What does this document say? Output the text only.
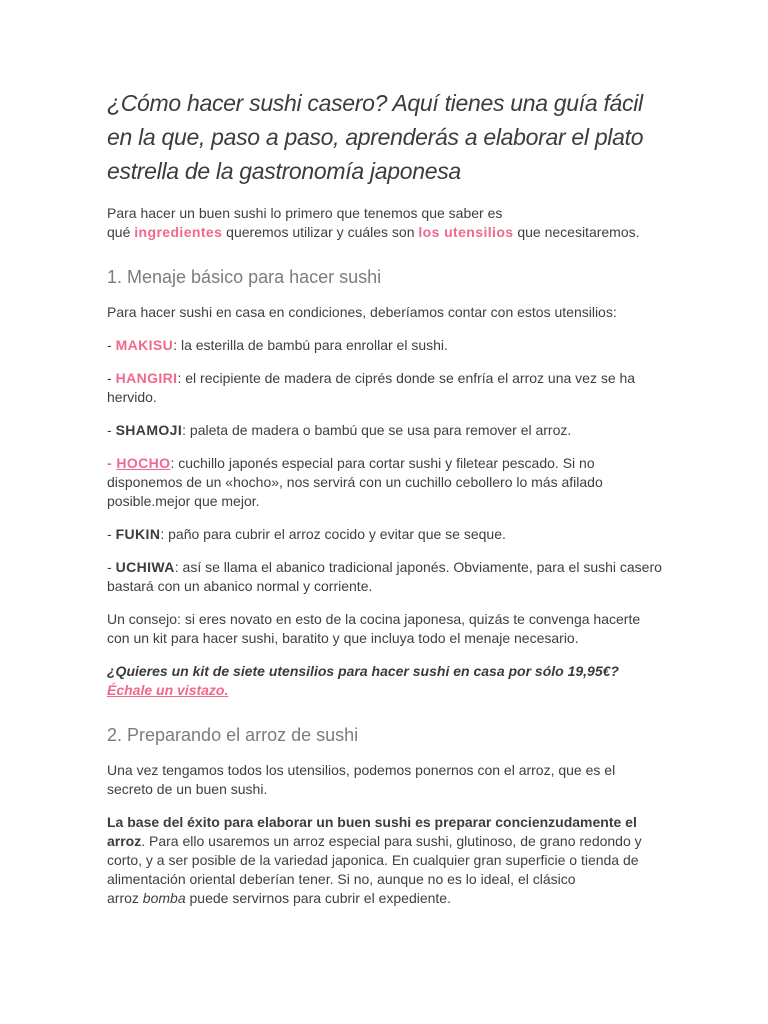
¿Cómo hacer sushi casero? Aquí tienes una guía fácil en la que, paso a paso, aprenderás a elaborar el plato estrella de la gastronomía japonesa

Para hacer un buen sushi lo primero que tenemos que saber es
qué ingredientes queremos utilizar y cuáles son los utensilios que necesitaremos.

1. Menaje básico para hacer sushi

Para hacer sushi en casa en condiciones, deberíamos contar con estos utensilios:

- MAKISU: la esterilla de bambú para enrollar el sushi.

- HANGIRI: el recipiente de madera de ciprés donde se enfría el arroz una vez se ha hervido.

- SHAMOJI: paleta de madera o bambú que se usa para remover el arroz.

- HOCHO: cuchillo japonés especial para cortar sushi y filetear pescado. Si no disponemos de un «hocho», nos servirá con un cuchillo cebollero lo más afilado posible.mejor que mejor.

- FUKIN: paño para cubrir el arroz cocido y evitar que se seque.

- UCHIWA: así se llama el abanico tradicional japonés. Obviamente, para el sushi casero bastará con un abanico normal y corriente.

Un consejo: si eres novato en esto de la cocina japonesa, quizás te convenga hacerte con un kit para hacer sushi, baratito y que incluya todo el menaje necesario.

¿Quieres un kit de siete utensilios para hacer sushi en casa por sólo 19,95€? Échale un vistazo.

2. Preparando el arroz de sushi

Una vez tengamos todos los utensilios, podemos ponernos con el arroz, que es el secreto de un buen sushi.

La base del éxito para elaborar un buen sushi es preparar concienzudamente el arroz. Para ello usaremos un arroz especial para sushi, glutinoso, de grano redondo y corto, y a ser posible de la variedad japonica. En cualquier gran superficie o tienda de alimentación oriental deberían tener. Si no, aunque no es lo ideal, el clásico
arroz bomba puede servirnos para cubrir el expediente.
